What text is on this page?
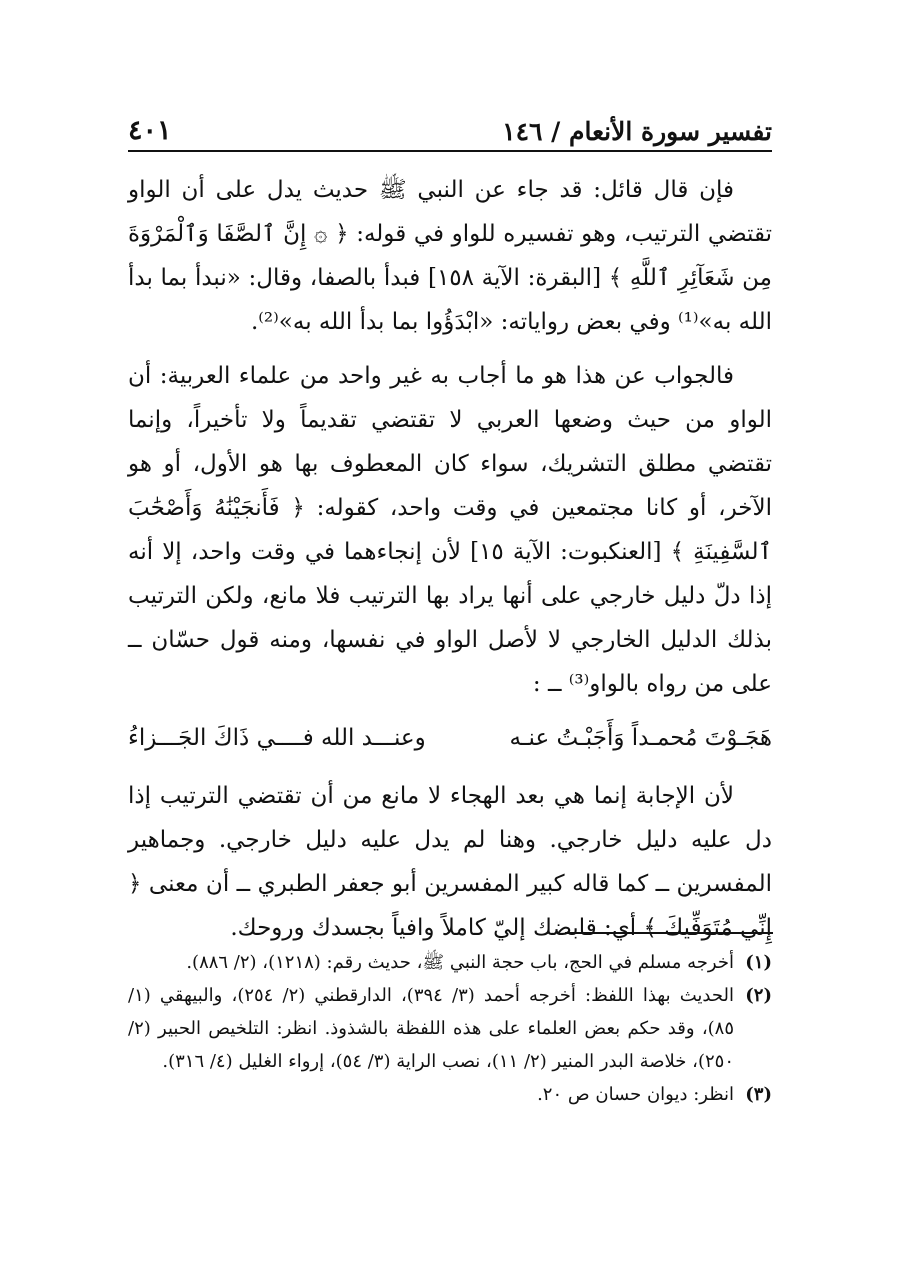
تفسير سورة الأنعام / ١٤٦
٤٠١

فإن قال قائل: قد جاء عن النبي ﷺ حديث يدل على أن الواو تقتضي الترتيب، وهو تفسيره للواو في قوله: ﴿ ۞ إِنَّ ٱلصَّفَا وَٱلْمَرْوَةَ مِن شَعَآئِرِ ٱللَّهِ ﴾ [البقرة: الآية ١٥٨] فبدأ بالصفا، وقال: «نبدأ بما بدأ الله به»⁽¹⁾ وفي بعض رواياته: «ابْدَؤُوا بما بدأ الله به»⁽²⁾.

فالجواب عن هذا هو ما أجاب به غير واحد من علماء العربية: أن الواو من حيث وضعها العربي لا تقتضي تقديماً ولا تأخيراً، وإنما تقتضي مطلق التشريك، سواء كان المعطوف بها هو الأول، أو هو الآخر، أو كانا مجتمعين في وقت واحد، كقوله: ﴿ فَأَنجَيْنَٰهُ وَأَصْحَٰبَ ٱلسَّفِينَةِ ﴾ [العنكبوت: الآية ١٥] لأن إنجاءهما في وقت واحد، إلا أنه إذا دلّ دليل خارجي على أنها يراد بها الترتيب فلا مانع، ولكن الترتيب بذلك الدليل الخارجي لا لأصل الواو في نفسها، ومنه قول حسّان ــ على من رواه بالواو⁽³⁾ ــ :

هَجَـوْتَ مُحمـداً وَأَجَبْـتُ عنـه
وعنـــد الله فــــي ذَاكَ الجَـــزاءُ

لأن الإجابة إنما هي بعد الهجاء لا مانع من أن تقتضي الترتيب إذا دل عليه دليل خارجي. وهنا لم يدل عليه دليل خارجي. وجماهير المفسرين ــ كما قاله كبير المفسرين أبو جعفر الطبري ــ أن معنى ﴿ إِنِّي مُتَوَفِّيكَ ﴾ أي: قابضك إليّ كاملاً وافياً بجسدك وروحك.

(١)
أخرجه مسلم في الحج، باب حجة النبي ﷺ، حديث رقم: (١٢١٨)، (٢/ ٨٨٦).
(٢)
الحديث بهذا اللفظ: أخرجه أحمد (٣/ ٣٩٤)، الدارقطني (٢/ ٢٥٤)، والبيهقي (١/ ٨٥)، وقد حكم بعض العلماء على هذه اللفظة بالشذوذ. انظر: التلخيص الحبير (٢/ ٢٥٠)، خلاصة البدر المنير (٢/ ١١)، نصب الراية (٣/ ٥٤)، إرواء الغليل (٤/ ٣١٦).
(٣)
انظر: ديوان حسان ص ٢٠.
